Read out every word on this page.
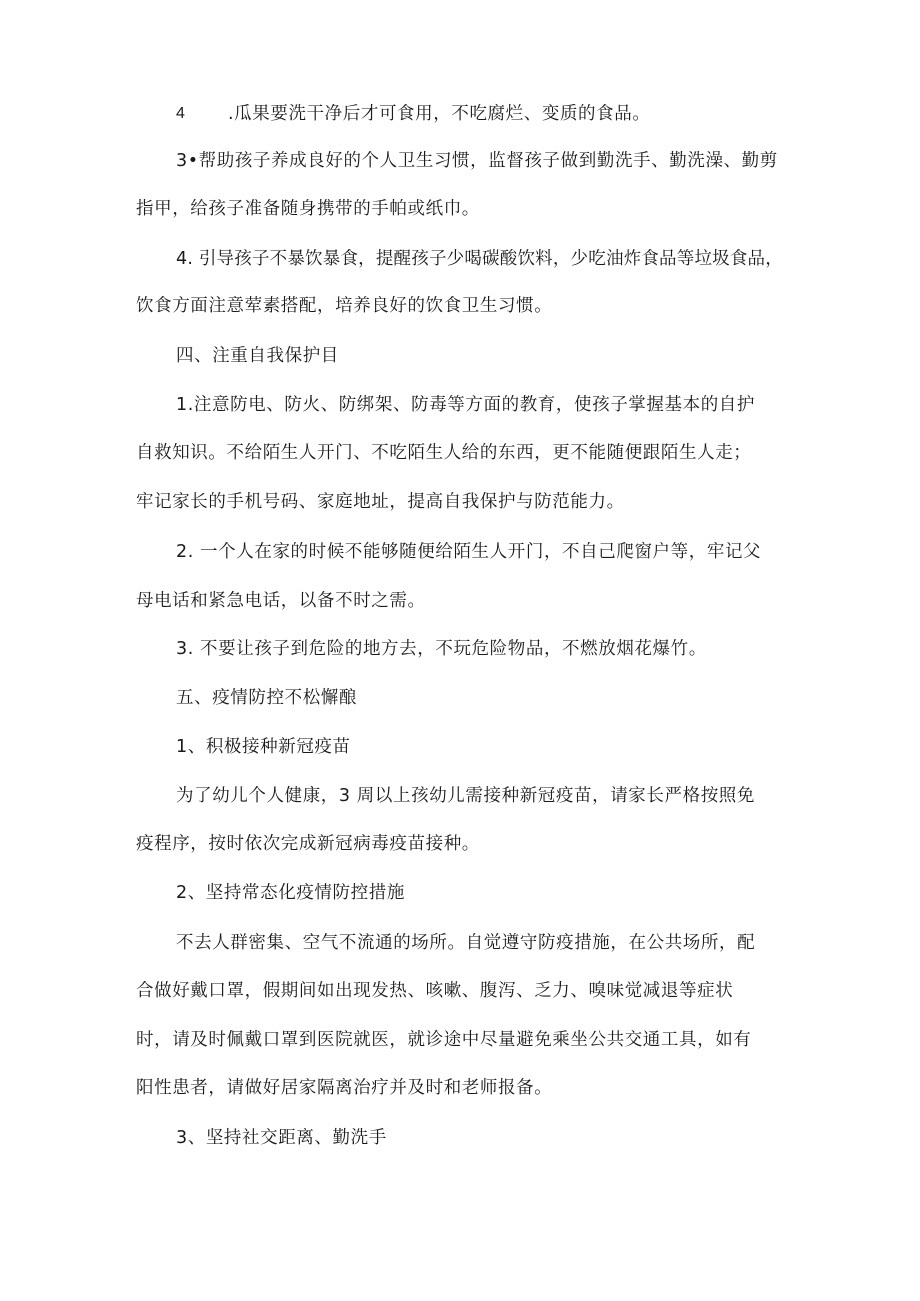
4 .瓜果要洗干净后才可食用，不吃腐烂、变质的食品。
3•帮助孩子养成良好的个人卫生习惯，监督孩子做到勤洗手、勤洗澡、勤剪
指甲，给孩子准备随身携带的手帕或纸巾。
4. 引导孩子不暴饮暴食，提醒孩子少喝碳酸饮料，少吃油炸食品等垃圾食品，
饮食方面注意荤素搭配，培养良好的饮食卫生习惯。
四、注重自我保护目
1.注意防电、防火、防绑架、防毒等方面的教育，使孩子掌握基本的自护
自救知识。不给陌生人开门、不吃陌生人给的东西，更不能随便跟陌生人走；
牢记家长的手机号码、家庭地址，提高自我保护与防范能力。
2. 一个人在家的时候不能够随便给陌生人开门，不自己爬窗户等，牢记父
母电话和紧急电话，以备不时之需。
3. 不要让孩子到危险的地方去，不玩危险物品，不燃放烟花爆竹。
五、疫情防控不松懈酿
1、积极接种新冠疫苗
为了幼儿个人健康，3 周以上孩幼儿需接种新冠疫苗，请家长严格按照免
疫程序，按时依次完成新冠病毒疫苗接种。
2、坚持常态化疫情防控措施
不去人群密集、空气不流通的场所。自觉遵守防疫措施，在公共场所，配
合做好戴口罩，假期间如出现发热、咳嗽、腹泻、乏力、嗅味觉减退等症状
时，请及时佩戴口罩到医院就医，就诊途中尽量避免乘坐公共交通工具，如有
阳性患者，请做好居家隔离治疗并及时和老师报备。
3、坚持社交距离、勤洗手
